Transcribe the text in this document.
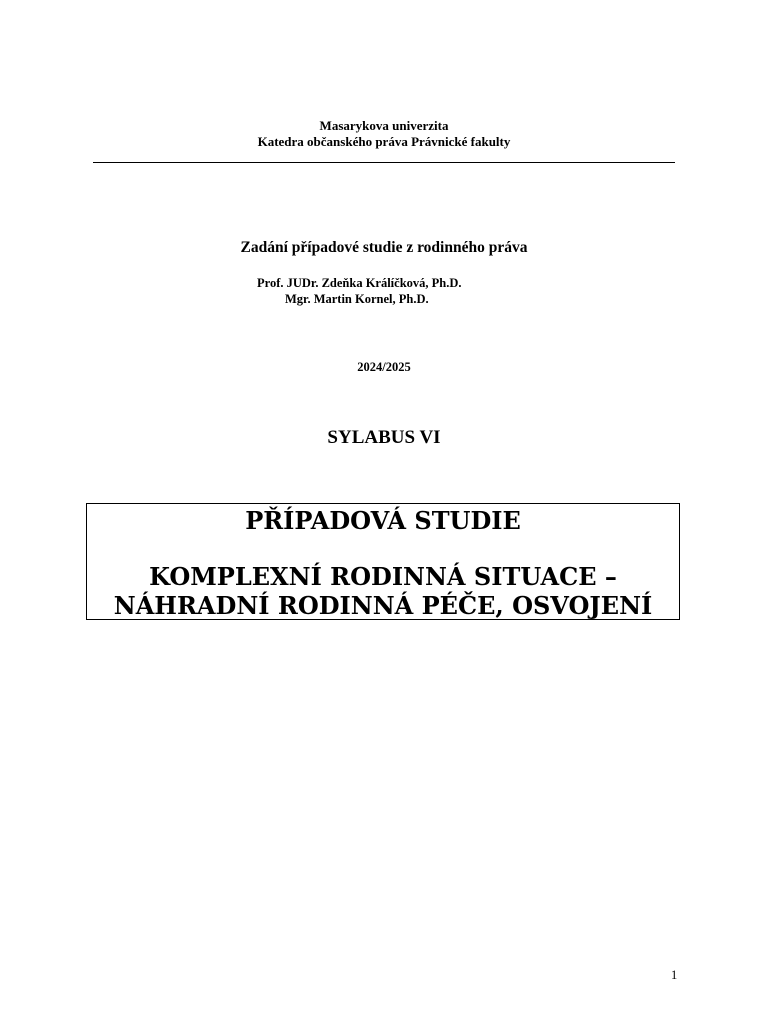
Masarykova univerzita
Katedra občanského práva Právnické fakulty
Zadání případové studie z rodinného práva
Prof. JUDr. Zdeňka Králíčková, Ph.D.
Mgr. Martin Kornel, Ph.D.
2024/2025
SYLABUS VI
PŘÍPADOVÁ STUDIE
KOMPLEXNÍ RODINNÁ SITUACE –
NÁHRADNÍ RODINNÁ PÉČE, OSVOJENÍ
1
